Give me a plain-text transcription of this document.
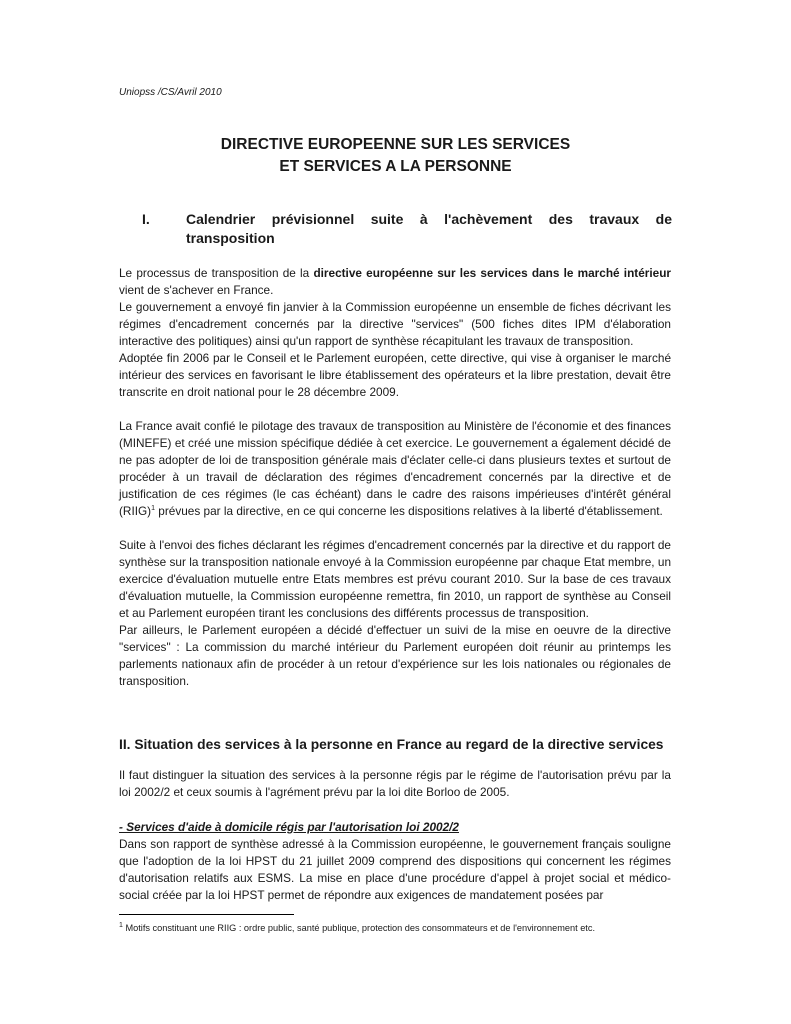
Uniopss /CS/Avril 2010
DIRECTIVE EUROPEENNE SUR LES SERVICES
ET SERVICES A LA PERSONNE
I.	Calendrier prévisionnel suite à l'achèvement des travaux de transposition

Le processus de transposition de la directive européenne sur les services dans le marché intérieur vient de s'achever en France.

Le gouvernement a envoyé fin janvier à la Commission européenne un ensemble de fiches décrivant les régimes d'encadrement concernés par la directive "services" (500 fiches dites IPM d'élaboration interactive des politiques) ainsi qu'un rapport de synthèse récapitulant les travaux de transposition.

Adoptée fin 2006 par le Conseil et le Parlement européen, cette directive, qui vise à organiser le marché intérieur des services en favorisant le libre établissement des opérateurs et la libre prestation, devait être transcrite en droit national pour le 28 décembre 2009.

La France avait confié le pilotage des travaux de transposition au Ministère de l'économie et des finances (MINEFE) et créé une mission spécifique dédiée à cet exercice. Le gouvernement a également décidé de ne pas adopter de loi de transposition générale mais d'éclater celle-ci dans plusieurs textes et surtout de procéder à un travail de déclaration des régimes d'encadrement concernés par la directive et de justification de ces régimes (le cas échéant) dans le cadre des raisons impérieuses d'intérêt général (RIIG)$^1$ prévues par la directive, en ce qui concerne les dispositions relatives à la liberté d'établissement.

Suite à l'envoi des fiches déclarant les régimes d'encadrement concernés par la directive et du rapport de synthèse sur la transposition nationale envoyé à la Commission européenne par chaque Etat membre, un exercice d'évaluation mutuelle entre Etats membres est prévu courant 2010. Sur la base de ces travaux d'évaluation mutuelle, la Commission européenne remettra, fin 2010, un rapport de synthèse au Conseil et au Parlement européen tirant les conclusions des différents processus de transposition.

Par ailleurs, le Parlement européen a décidé d'effectuer un suivi de la mise en oeuvre de la directive "services" : La commission du marché intérieur du Parlement européen doit réunir au printemps les parlements nationaux afin de procéder à un retour d'expérience sur les lois nationales ou régionales de transposition.

II. Situation des services à la personne en France au regard de la directive services

Il faut distinguer la situation des services à la personne régis par le régime de l'autorisation prévu par la loi 2002/2 et ceux soumis à l'agrément prévu par la loi dite Borloo de 2005.

- Services d'aide à domicile régis par l'autorisation loi 2002/2

Dans son rapport de synthèse adressé à la Commission européenne, le gouvernement français souligne que l'adoption de la loi HPST du 21 juillet 2009 comprend des dispositions qui concernent les régimes d'autorisation relatifs aux ESMS. La mise en place d'une procédure d'appel à projet social et médico-social créée par la loi HPST permet de répondre aux exigences de mandatement posées par

$^1$ Motifs constituant une RIIG : ordre public, santé publique, protection des consommateurs et de l'environnement etc.
